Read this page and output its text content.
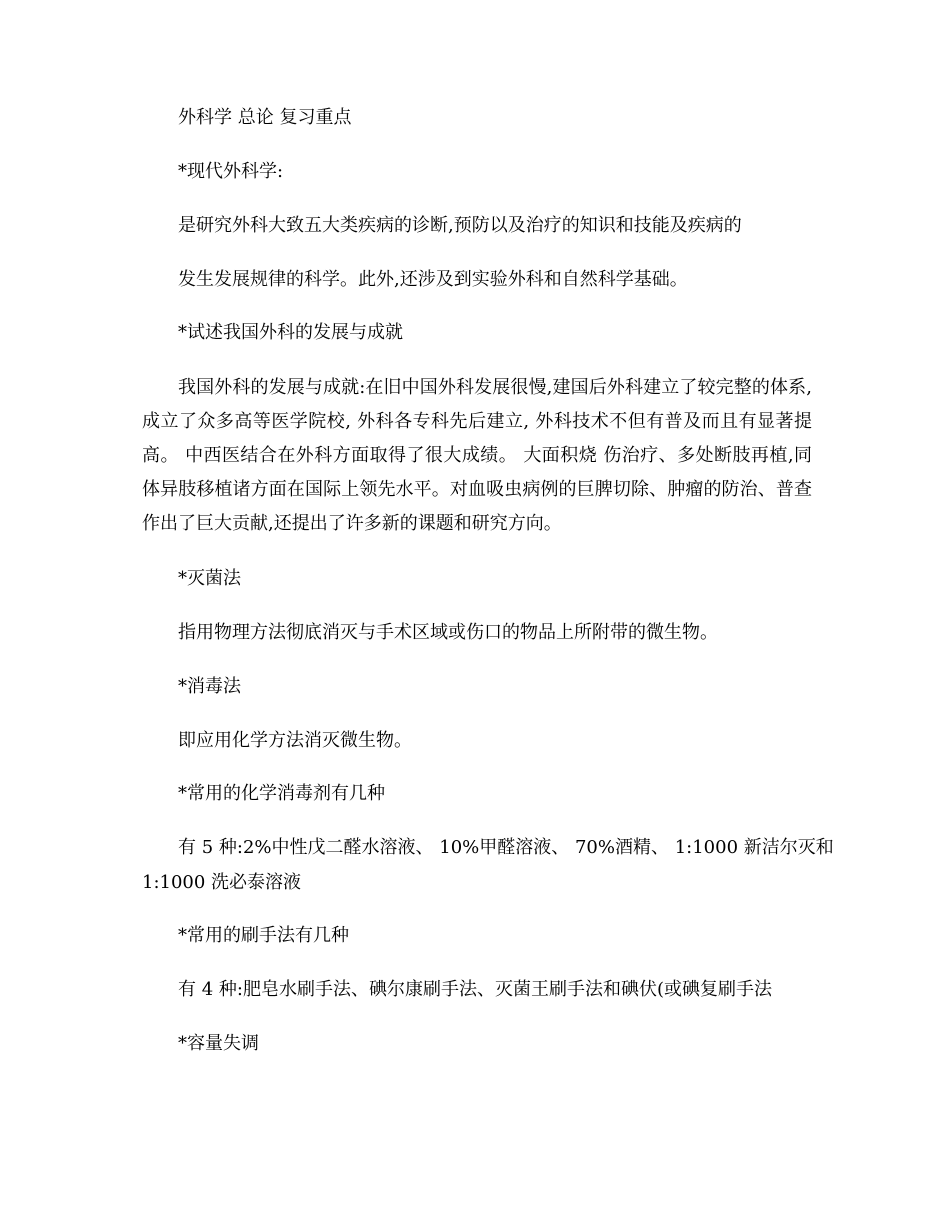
外科学 总论 复习重点
*现代外科学:
是研究外科大致五大类疾病的诊断,预防以及治疗的知识和技能及疾病的
发生发展规律的科学。此外,还涉及到实验外科和自然科学基础。
*试述我国外科的发展与成就
我国外科的发展与成就:在旧中国外科发展很慢,建国后外科建立了较完整的体系,成立了众多高等医学院校, 外科各专科先后建立, 外科技术不但有普及而且有显著提高。 中西医结合在外科方面取得了很大成绩。 大面积烧 伤治疗、多处断肢再植,同体异肢移植诸方面在国际上领先水平。对血吸虫病例的巨脾切除、肿瘤的防治、普查 作出了巨大贡献,还提出了许多新的课题和研究方向。
*灭菌法
指用物理方法彻底消灭与手术区域或伤口的物品上所附带的微生物。
*消毒法
即应用化学方法消灭微生物。
*常用的化学消毒剂有几种
有 5 种:2%中性戊二醛水溶液、 10%甲醛溶液、 70%酒精、 1:1000 新洁尔灭和
1:1000 洗必泰溶液
*常用的刷手法有几种
有 4 种:肥皂水刷手法、碘尔康刷手法、灭菌王刷手法和碘伏(或碘复刷手法
*容量失调
